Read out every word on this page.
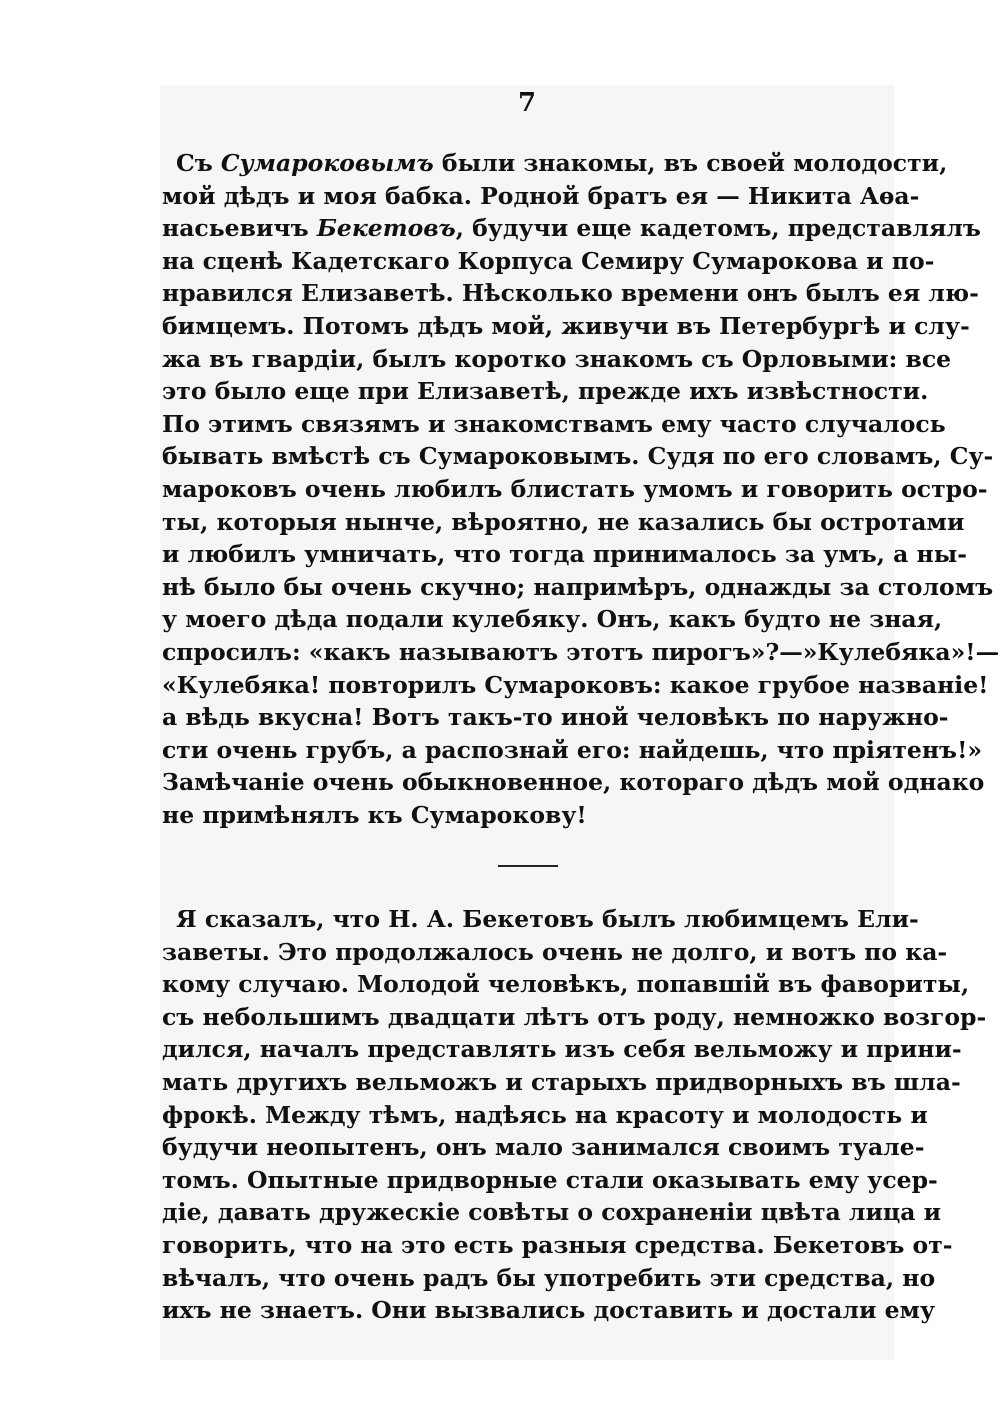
7
Съ Сумароковымъ были знакомы, въ своей молодости,
мой дѣдъ и моя бабка. Родной братъ ея — Никита Аѳа-
насьевичъ Бекетовъ, будучи еще кадетомъ, представлялъ
на сценѣ Кадетскаго Корпуса Семиру Сумарокова и по-
нравился Елизаветѣ. Нѣсколько времени онъ былъ ея лю-
бимцемъ. Потомъ дѣдъ мой, живучи въ Петербургѣ и слу-
жа въ гвардіи, былъ коротко знакомъ съ Орловыми: все
это было еще при Елизаветѣ, прежде ихъ извѣстности.
По этимъ связямъ и знакомствамъ ему часто случалось
бывать вмѣстѣ съ Сумароковымъ. Судя по его словамъ, Су-
мароковъ очень любилъ блистать умомъ и говорить остро-
ты, которыя нынче, вѣроятно, не казались бы остротами
и любилъ умничать, что тогда принималось за умъ, а ны-
нѣ было бы очень скучно; напримѣръ, однажды за столомъ
у моего дѣда подали кулебяку. Онъ, какъ будто не зная,
спросилъ: «какъ называютъ этотъ пирогъ»?—»Кулебяка»!—
«Кулебяка! повторилъ Сумароковъ: какое грубое названіе!
а вѣдь вкусна! Вотъ такъ-то иной человѣкъ по наружно-
сти очень грубъ, а распознай его: найдешь, что пріятенъ!»
Замѣчаніе очень обыкновенное, котораго дѣдъ мой однако
не примѣнялъ къ Сумарокову!
Я сказалъ, что Н. А. Бекетовъ былъ любимцемъ Ели-
заветы. Это продолжалось очень не долго, и вотъ по ка-
кому случаю. Молодой человѣкъ, попавшій въ фавориты,
съ небольшимъ двадцати лѣтъ отъ роду, немножко возгор-
дился, началъ представлять изъ себя вельможу и прини-
мать другихъ вельможъ и старыхъ придворныхъ въ шла-
фрокѣ. Между тѣмъ, надѣясь на красоту и молодость и
будучи неопытенъ, онъ мало занимался своимъ туале-
томъ. Опытные придворные стали оказывать ему усер-
діе, давать дружескіе совѣты о сохраненіи цвѣта лица и
говорить, что на это есть разныя средства. Бекетовъ от-
вѣчалъ, что очень радъ бы употребить эти средства, но
ихъ не знаетъ. Они вызвались доставить и достали ему
